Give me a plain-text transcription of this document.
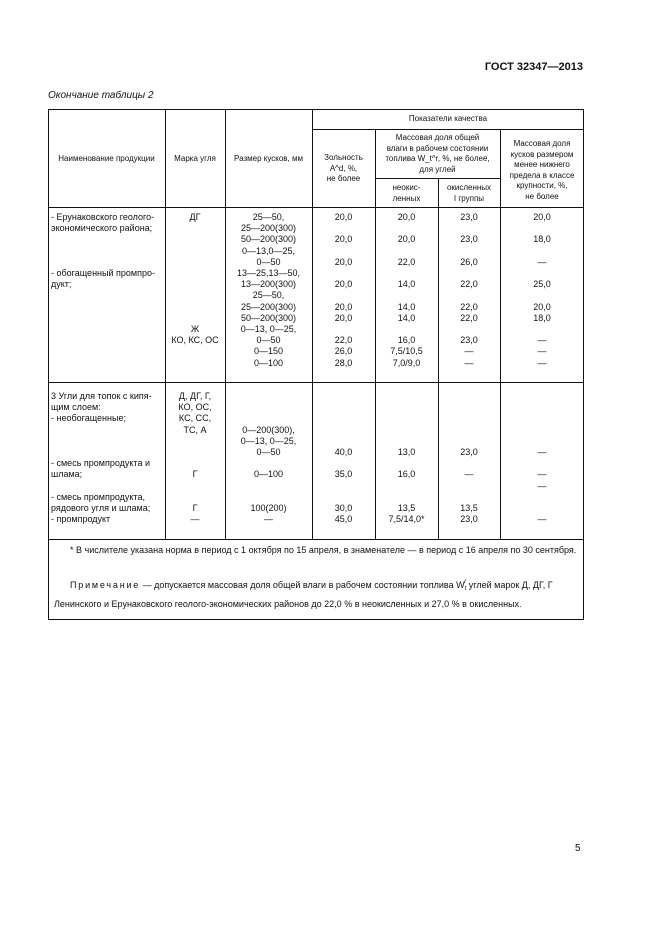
ГОСТ 32347—2013
Окончание таблицы 2
Наименование продукции	Марка угля	Размер кусков, мм
Показатели качества
Зольность
A^d, %,
не более
Массовая доля общей
влаги в рабочем состоянии
топлива W_t^r, %, не более,
для углей
неокис-
ленных
окисленных
I группы
Массовая доля
кусков размером
менее нижнего
предела в классе
крупности, %,
не более
- Ерунаковского геолого-
экономического района;

- обогащенный промпро-
дукт;

ДГ

Ж
КО, КС, ОС

25—50,
25—200(300)
50—200(300)
0—13,0—25,
0—50
13—25,13—50,
13—200(300)
25—50,
25—200(300)
50—200(300)
0—13, 0—25,
0—50
0—150
0—100

20,0

20,0

20,0

20,0

20,0
20,0

22,0
26,0
28,0

20,0

20,0

22,0

14,0

14,0
14,0

16,0
7,5/10,5
7,0/9,0

23,0

23,0

26,0

22,0

22,0
22,0

23,0
—
—

20,0

18,0

—

25,0

20,0
18,0

—
—
—

3 Угли для топок с кипя-
щим слоем:
- необогащенные;

- смесь промпродукта и
шлама;

- смесь промпродукта,
рядового угля и шлама;
- промпродукт
Д, ДГ, Г,
КО, ОС,
КС, СС,
ТС, А

Г

Г
—

0—200(300),
0—13, 0—25,
0—50

0—100

100(200)
—

40,0

35,0

30,0
45,0

13,0

16,0

13,5
7,5/14,0*

23,0

—

13,5
23,0

—

—
—

—
* В числителе указана норма в период с 1 октября по 15 апреля, в знаменателе — в период с 16 апреля по 30 сентября.
Примечание — допускается массовая доля общей влаги в рабочем состоянии топлива $W_t^r$ углей марок Д, ДГ, Г Ленинского и Ерунаковского геолого-экономических районов до 22,0 % в неокисленных и 27,0 % в окисленных.
5
